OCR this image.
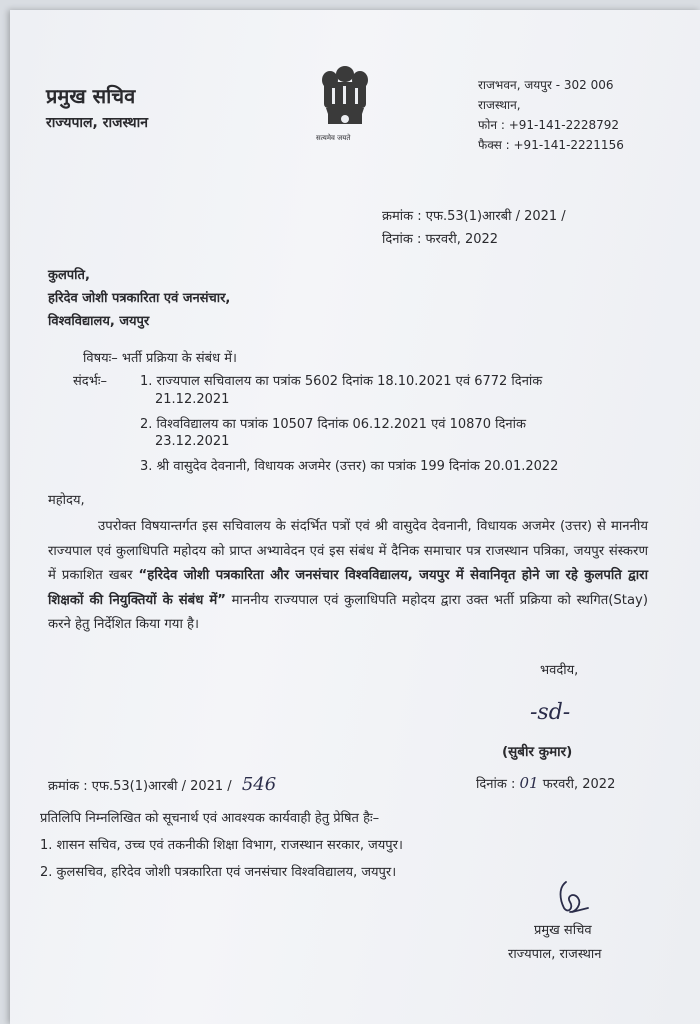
प्रमुख सचिव
राज्यपाल, राजस्थान
सत्यमेव जयते
राजभवन, जयपुर - 302 006
राजस्थान,
फोन : +91-141-2228792
फैक्स : +91-141-2221156
क्रमांक : एफ.53(1)आरबी / 2021 /
दिनांक : फरवरी, 2022
कुलपति,
हरिदेव जोशी पत्रकारिता एवं जनसंचार,
विश्वविद्यालय, जयपुर
विषयः– भर्ती प्रक्रिया के संबंध में।
संदर्भः–	1. राज्यपाल सचिवालय का पत्रांक 5602 दिनांक 18.10.2021 एवं 6772 दिनांक
21.12.2021
2. विश्वविद्यालय का पत्रांक 10507 दिनांक 06.12.2021 एवं 10870 दिनांक
23.12.2021
3. श्री वासुदेव देवनानी, विधायक अजमेर (उत्तर) का पत्रांक 199 दिनांक 20.01.2022
महोदय,
उपरोक्त विषयान्तर्गत इस सचिवालय के संदर्भित पत्रों एवं श्री वासुदेव देवनानी, विधायक अजमेर (उत्तर) से माननीय राज्यपाल एवं कुलाधिपति महोदय को प्राप्त अभ्यावेदन एवं इस संबंध में दैनिक समाचार पत्र राजस्थान पत्रिका, जयपुर संस्करण में प्रकाशित खबर “हरिदेव जोशी पत्रकारिता और जनसंचार विश्वविद्यालय, जयपुर में सेवानिवृत होने जा रहे कुलपति द्वारा शिक्षकों की नियुक्तियों के संबंध में” माननीय राज्यपाल एवं कुलाधिपति महोदय द्वारा उक्त भर्ती प्रक्रिया को स्थगित(Stay) करने हेतु निर्देशित किया गया है।
भवदीय,
-sd-
(सुबीर कुमार)
क्रमांक : एफ.53(1)आरबी / 2021 / 546	दिनांक : 01 फरवरी, 2022
प्रतिलिपि निम्नलिखित को सूचनार्थ एवं आवश्यक कार्यवाही हेतु प्रेषित हैः–
1. शासन सचिव, उच्च एवं तकनीकी शिक्षा विभाग, राजस्थान सरकार, जयपुर।
2. कुलसचिव, हरिदेव जोशी पत्रकारिता एवं जनसंचार विश्वविद्यालय, जयपुर।
प्रमुख सचिव
राज्यपाल, राजस्थान
